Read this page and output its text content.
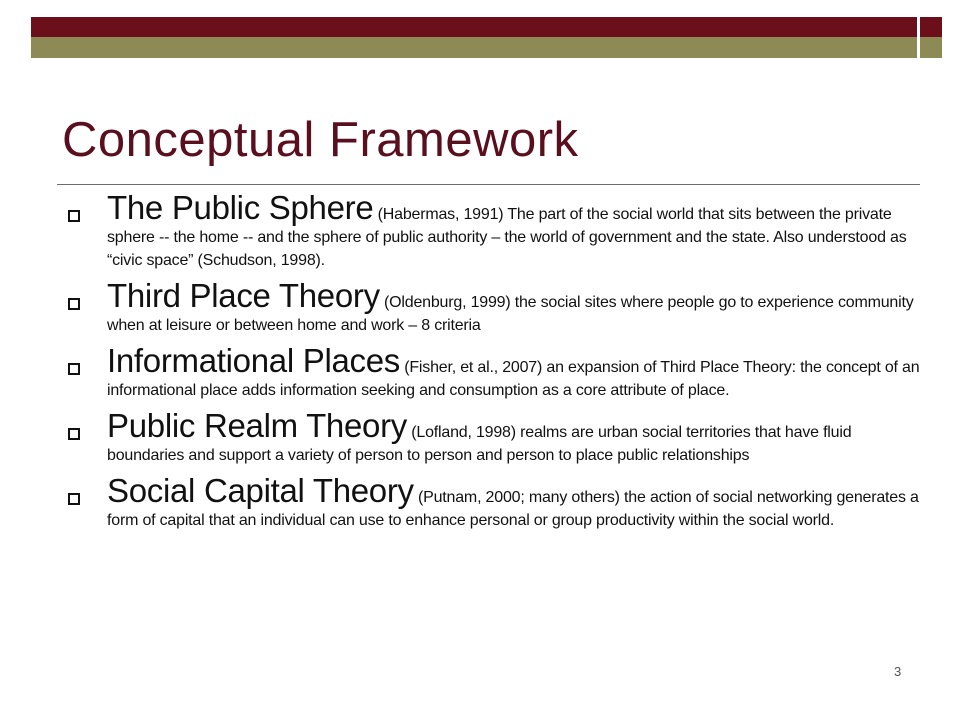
Conceptual Framework
The Public Sphere (Habermas, 1991) The part of the social world that sits between the private sphere -- the home -- and the sphere of public authority – the world of government and the state. Also understood as “civic space” (Schudson, 1998).
Third Place Theory (Oldenburg, 1999) the social sites where people go to experience community when at leisure or between home and work – 8 criteria
Informational Places (Fisher, et al., 2007) an expansion of Third Place Theory: the concept of an informational place adds information seeking and consumption as a core attribute of place.
Public Realm Theory (Lofland, 1998) realms are urban social territories that have fluid boundaries and support a variety of person to person and person to place public relationships
Social Capital Theory (Putnam, 2000; many others) the action of social networking generates a form of capital that an individual can use to enhance personal or group productivity within the social world.
3
